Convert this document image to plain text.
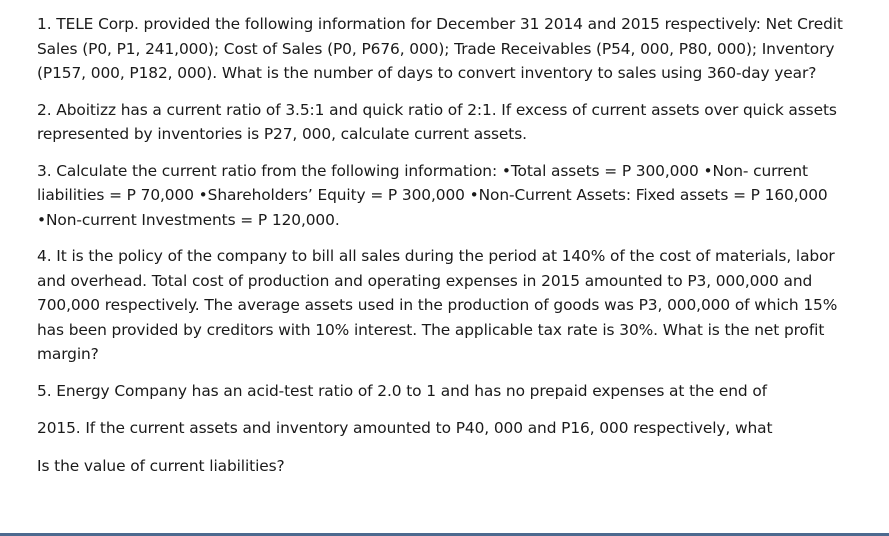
1. TELE Corp. provided the following information for December 31 2014 and 2015 respectively: Net Credit Sales (P0, P1, 241,000); Cost of Sales (P0, P676, 000); Trade Receivables (P54, 000, P80, 000); Inventory (P157, 000, P182, 000). What is the number of days to convert inventory to sales using 360-day year?

2. Aboitizz has a current ratio of 3.5:1 and quick ratio of 2:1. If excess of current assets over quick assets represented by inventories is P27, 000, calculate current assets.

3. Calculate the current ratio from the following information: •Total assets = P 300,000 •Non- current liabilities = P 70,000 •Shareholders’ Equity = P 300,000 •Non-Current Assets: Fixed assets = P 160,000 •Non-current Investments = P 120,000.

4. It is the policy of the company to bill all sales during the period at 140% of the cost of materials, labor and overhead. Total cost of production and operating expenses in 2015 amounted to P3, 000,000 and 700,000 respectively. The average assets used in the production of goods was P3, 000,000 of which 15% has been provided by creditors with 10% interest. The applicable tax rate is 30%. What is the net profit margin?

5. Energy Company has an acid-test ratio of 2.0 to 1 and has no prepaid expenses at the end of

2015. If the current assets and inventory amounted to P40, 000 and P16, 000 respectively, what

Is the value of current liabilities?
